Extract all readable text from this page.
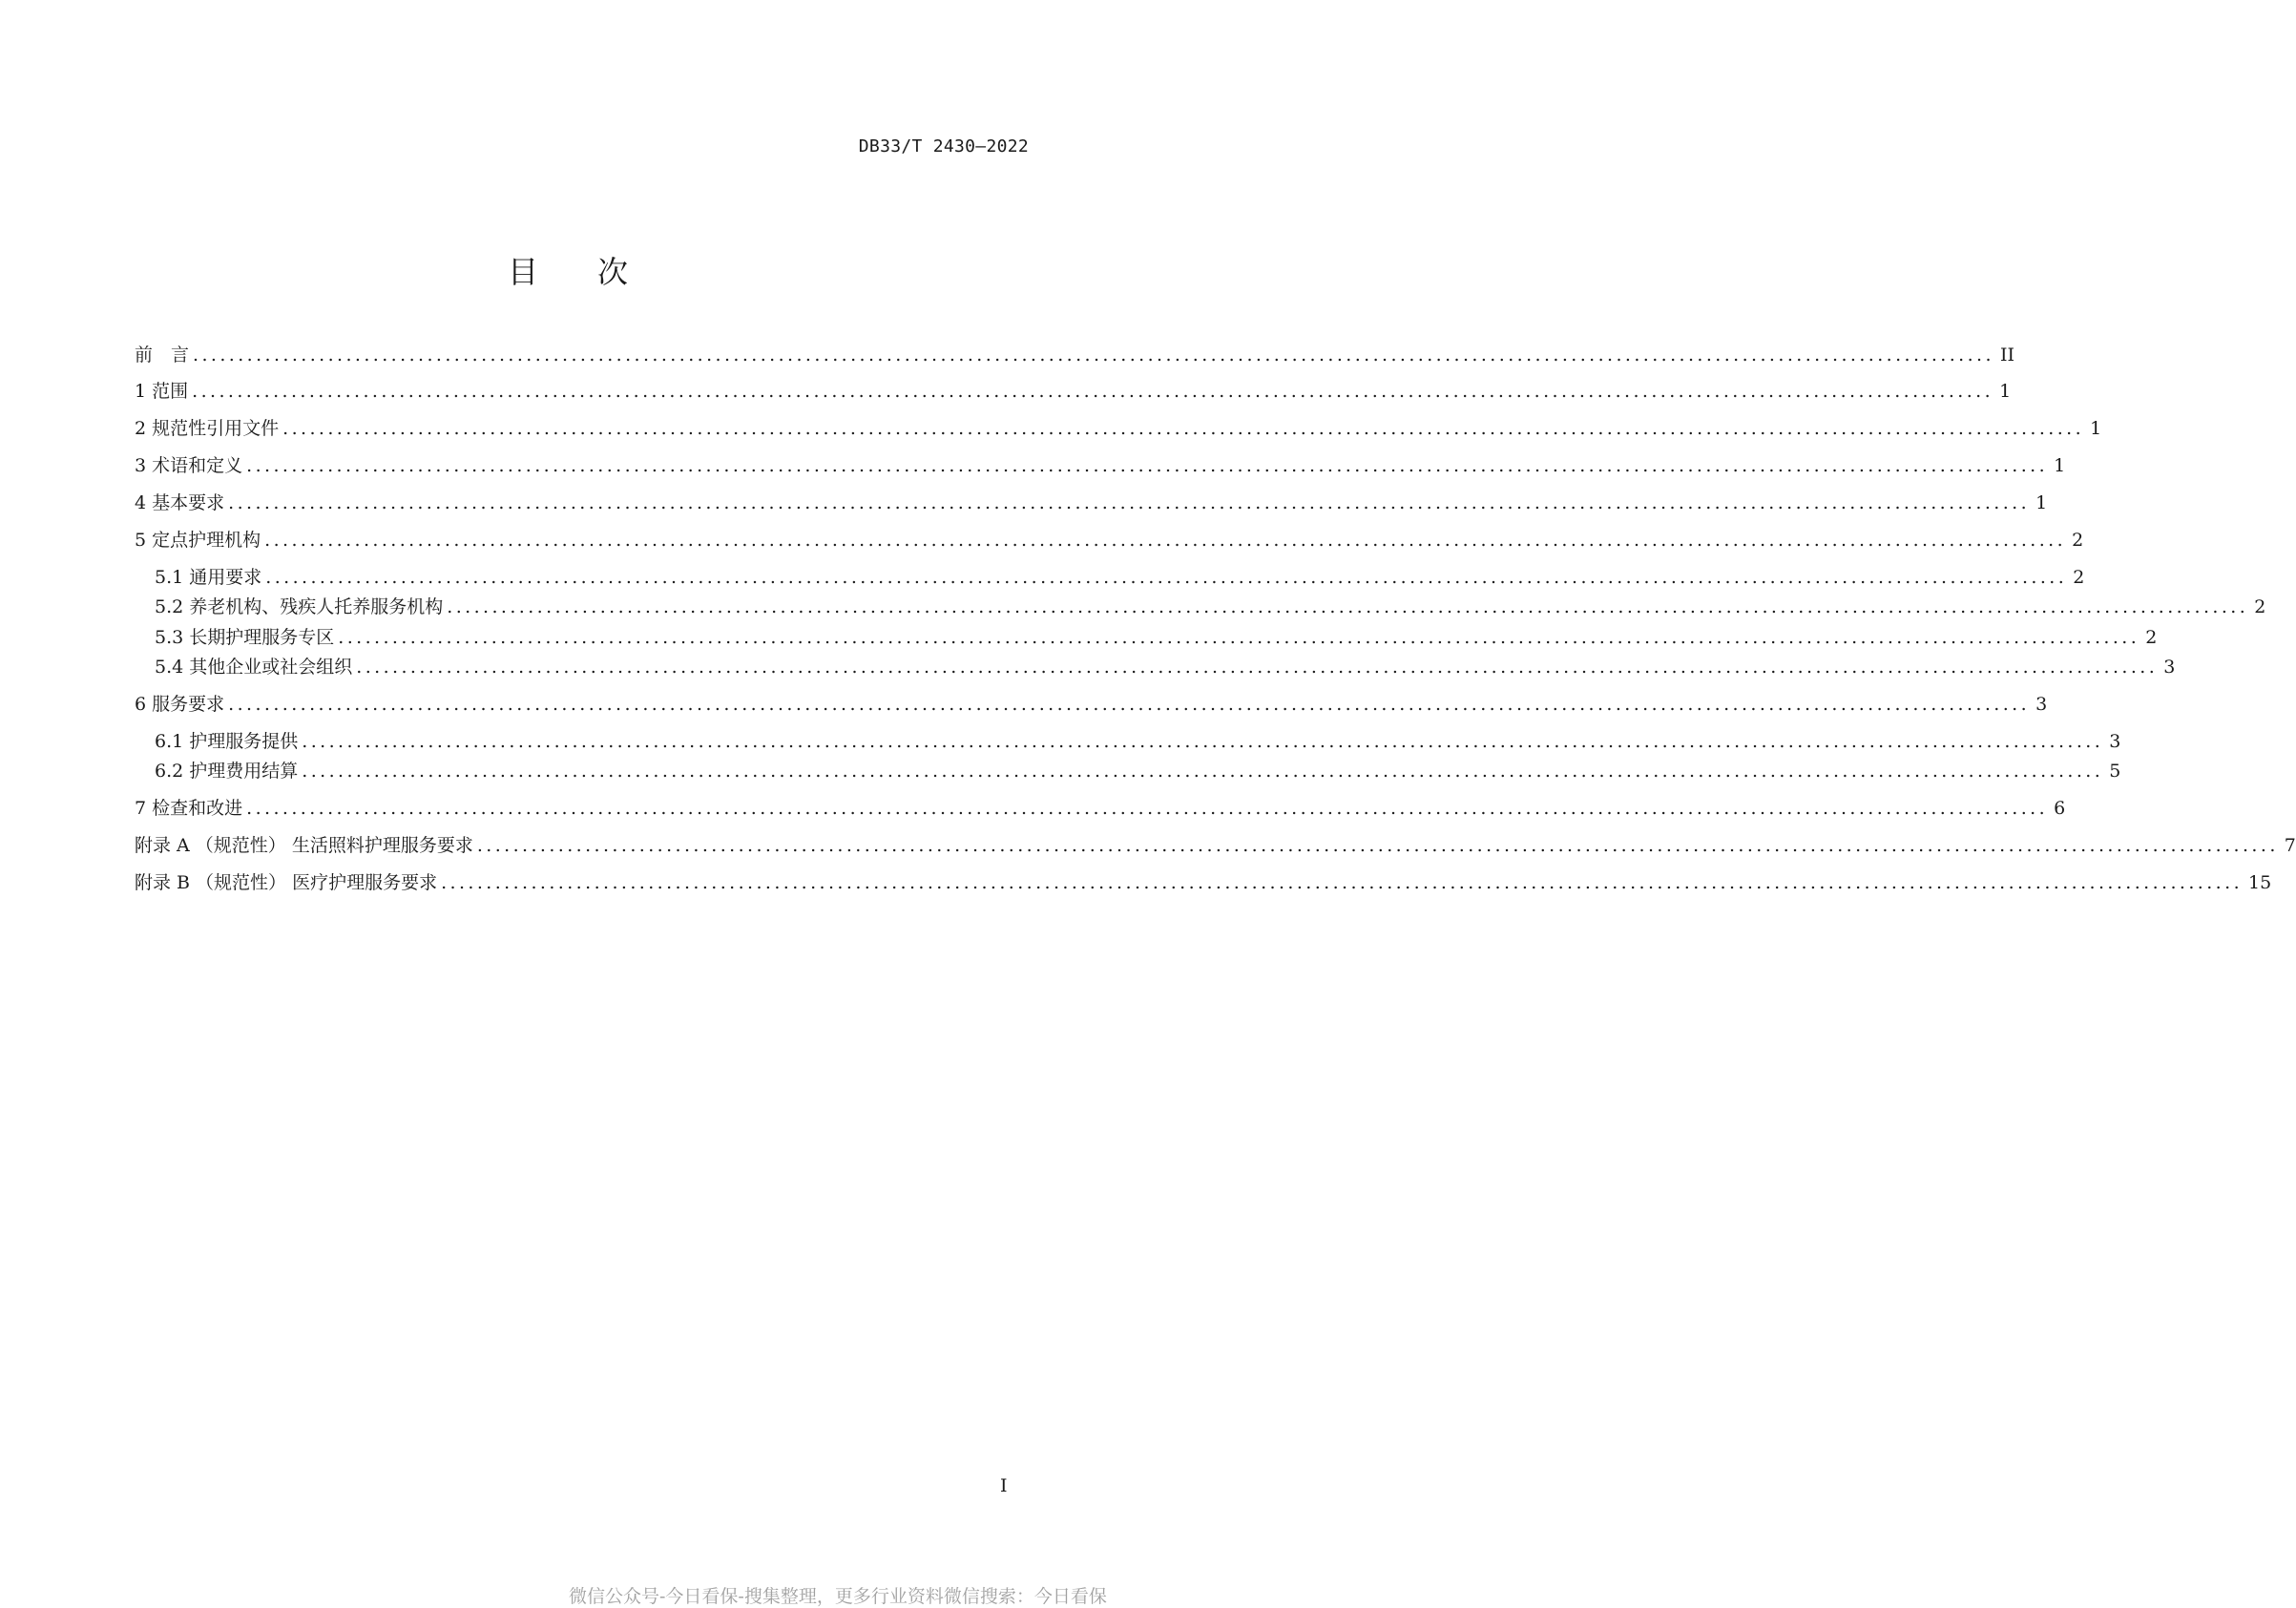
DB33/T 2430—2022
目 次
前　言 ........................................................................................................................................................................................................ II
1 范围 ........................................................................................................................................................................................................ 1
2 规范性引用文件 ........................................................................................................................................................................................................ 1
3 术语和定义 ........................................................................................................................................................................................................ 1
4 基本要求 ........................................................................................................................................................................................................ 1
5 定点护理机构 ........................................................................................................................................................................................................ 2
5.1 通用要求 ........................................................................................................................................................................................................ 2
5.2 养老机构、残疾人托养服务机构 ........................................................................................................................................................................................................ 2
5.3 长期护理服务专区 ........................................................................................................................................................................................................ 2
5.4 其他企业或社会组织 ........................................................................................................................................................................................................ 3
6 服务要求 ........................................................................................................................................................................................................ 3
6.1 护理服务提供 ........................................................................................................................................................................................................ 3
6.2 护理费用结算 ........................................................................................................................................................................................................ 5
7 检查和改进 ........................................................................................................................................................................................................ 6
附录 A （规范性） 生活照料护理服务要求 ........................................................................................................................................................................................................ 7
附录 B （规范性） 医疗护理服务要求 ........................................................................................................................................................................................................ 15
I
微信公众号-今日看保-搜集整理，更多行业资料微信搜索：今日看保
